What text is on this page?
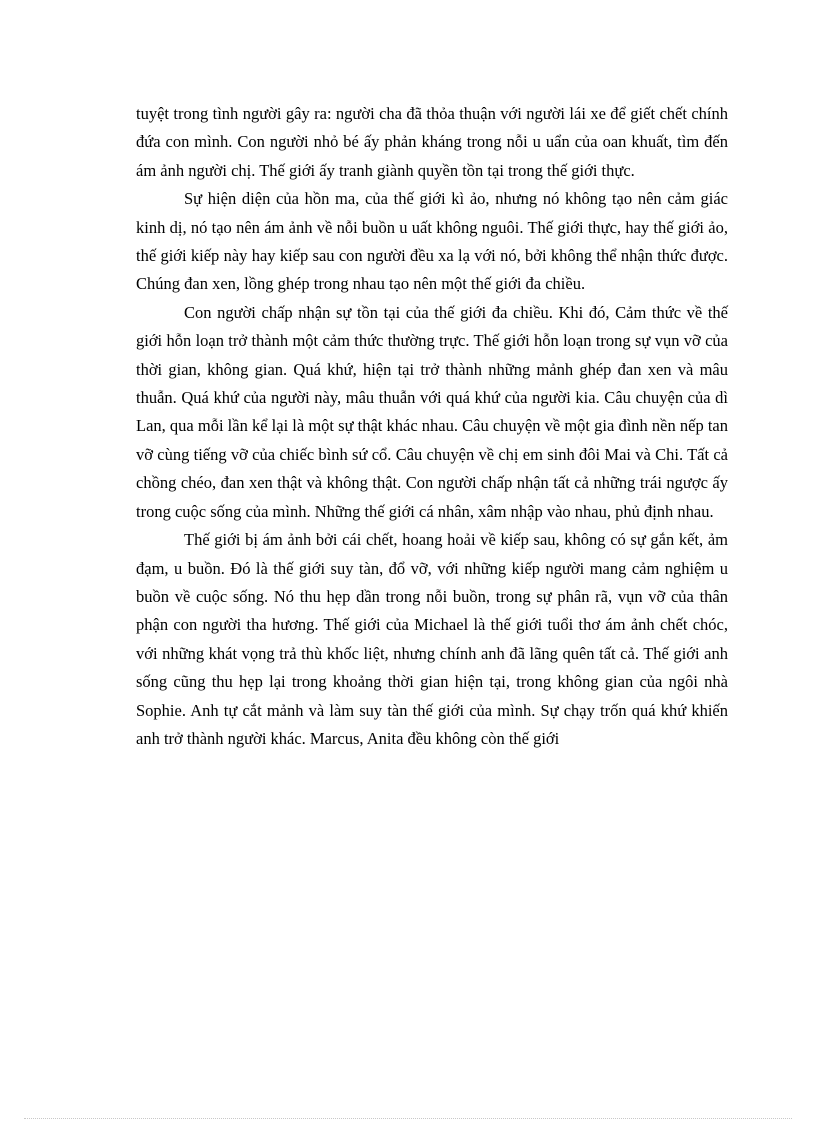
tuyệt trong tình người gây ra: người cha đã thỏa thuận với người lái xe để giết chết chính đứa con mình. Con người nhỏ bé ấy phản kháng trong nỗi u uẩn của oan khuất, tìm đến ám ảnh người chị. Thế giới ấy tranh giành quyền tồn tại trong thế giới thực.

Sự hiện diện của hồn ma, của thế giới kì ảo, nhưng nó không tạo nên cảm giác kinh dị, nó tạo nên ám ảnh về nỗi buồn u uất không nguôi. Thế giới thực, hay thế giới ảo, thế giới kiếp này hay kiếp sau con người đều xa lạ với nó, bởi không thể nhận thức được. Chúng đan xen, lồng ghép trong nhau tạo nên một thế giới đa chiều.

Con người chấp nhận sự tồn tại của thế giới đa chiều. Khi đó, Cảm thức về thế giới hỗn loạn trở thành một cảm thức thường trực. Thế giới hỗn loạn trong sự vụn vỡ của thời gian, không gian. Quá khứ, hiện tại trở thành những mảnh ghép đan xen và mâu thuẫn. Quá khứ của người này, mâu thuẫn với quá khứ của người kia. Câu chuyện của dì Lan, qua mỗi lần kể lại là một sự thật khác nhau. Câu chuyện về một gia đình nền nếp tan vỡ cùng tiếng vỡ của chiếc bình sứ cổ. Câu chuyện về chị em sinh đôi Mai và Chi. Tất cả chồng chéo, đan xen thật và không thật. Con người chấp nhận tất cả những trái ngược ấy trong cuộc sống của mình. Những thế giới cá nhân, xâm nhập vào nhau, phủ định nhau.

Thế giới bị ám ảnh bởi cái chết, hoang hoải về kiếp sau, không có sự gắn kết, ảm đạm, u buồn. Đó là thế giới suy tàn, đổ vỡ, với những kiếp người mang cảm nghiệm u buồn về cuộc sống. Nó thu hẹp dần trong nỗi buồn, trong sự phân rã, vụn vỡ của thân phận con người tha hương. Thế giới của Michael là thế giới tuổi thơ ám ảnh chết chóc, với những khát vọng trả thù khốc liệt, nhưng chính anh đã lãng quên tất cả. Thế giới anh sống cũng thu hẹp lại trong khoảng thời gian hiện tại, trong không gian của ngôi nhà Sophie. Anh tự cắt mảnh và làm suy tàn thế giới của mình. Sự chạy trốn quá khứ khiến anh trở thành người khác. Marcus, Anita đều không còn thế giới
